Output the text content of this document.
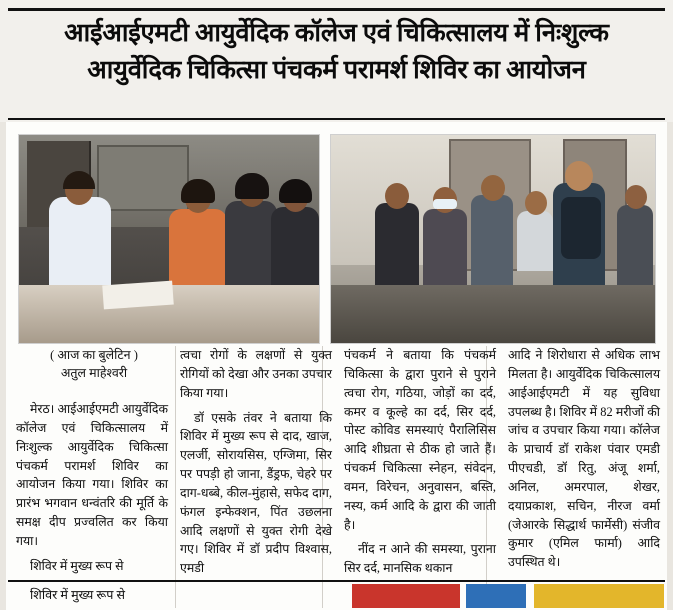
आईआईएमटी आयुर्वेदिक कॉलेज एवं चिकित्सालय में निःशुल्क
आयुर्वेदिक चिकित्सा पंचकर्म परामर्श शिविर का आयोजन
( आज का बुलेटिन )
अतुल माहेश्वरी

मेरठ। आईआईएमटी आयुर्वेदिक कॉलेज एवं चिकित्सालय में निःशुल्क आयुर्वेदिक चिकित्सा पंचकर्म परामर्श शिविर का आयोजन किया गया। शिविर का प्रारंभ भगवान धन्वंतरि की मूर्ति के समक्ष दीप प्रज्वलित कर किया गया।

शिविर में मुख्य रूप से

त्वचा रोगों के लक्षणों से युक्त रोगियों को देखा और उनका उपचार किया गया।

डॉ एसके तंवर ने बताया कि शिविर में मुख्य रूप से दाद, खाज, एलर्जी, सोरायसिस, एग्जिमा, सिर पर पपड़ी हो जाना, डैंड्रफ, चेहरे पर दाग-धब्बे, कील-मुंहासे, सफेद दाग, फंगल इन्फेक्शन, पिंत उछलना आदि लक्षणों से युक्त रोगी देखे गए। शिविर में डॉ प्रदीप विश्वास, एमडी

पंचकर्म ने बताया कि पंचकर्म चिकित्सा के द्वारा पुराने से पुराने त्वचा रोग, गठिया, जोड़ों का दर्द, कमर व कूल्हे का दर्द, सिर दर्द, पोस्ट कोविड समस्याएं पैरालिसिस आदि शीघ्रता से ठीक हो जाते हैं। पंचकर्म चिकित्सा स्नेहन, संवेदन, वमन, विरेचन, अनुवासन, बस्ति, नस्य, कर्म आदि के द्वारा की जाती है।

नींद न आने की समस्या, पुराना सिर दर्द, मानसिक थकान

आदि ने शिरोधारा से अधिक लाभ मिलता है। आयुर्वेदिक चिकित्सालय आईआईएमटी में यह सुविधा उपलब्ध है। शिविर में 82 मरीजों की जांच व उपचार किया गया। कॉलेज के प्राचार्य डॉ राकेश पंवार एमडी पीएचडी, डॉ रितु, अंजू शर्मा, अनिल, अमरपाल, शेखर, दयाप्रकाश, सचिन, नीरज वर्मा (जेआरके सिद्धार्थ फार्मेसी) संजीव कुमार (एमिल फार्मा) आदि उपस्थित थे।

शिविर में मुख्य रूप से
